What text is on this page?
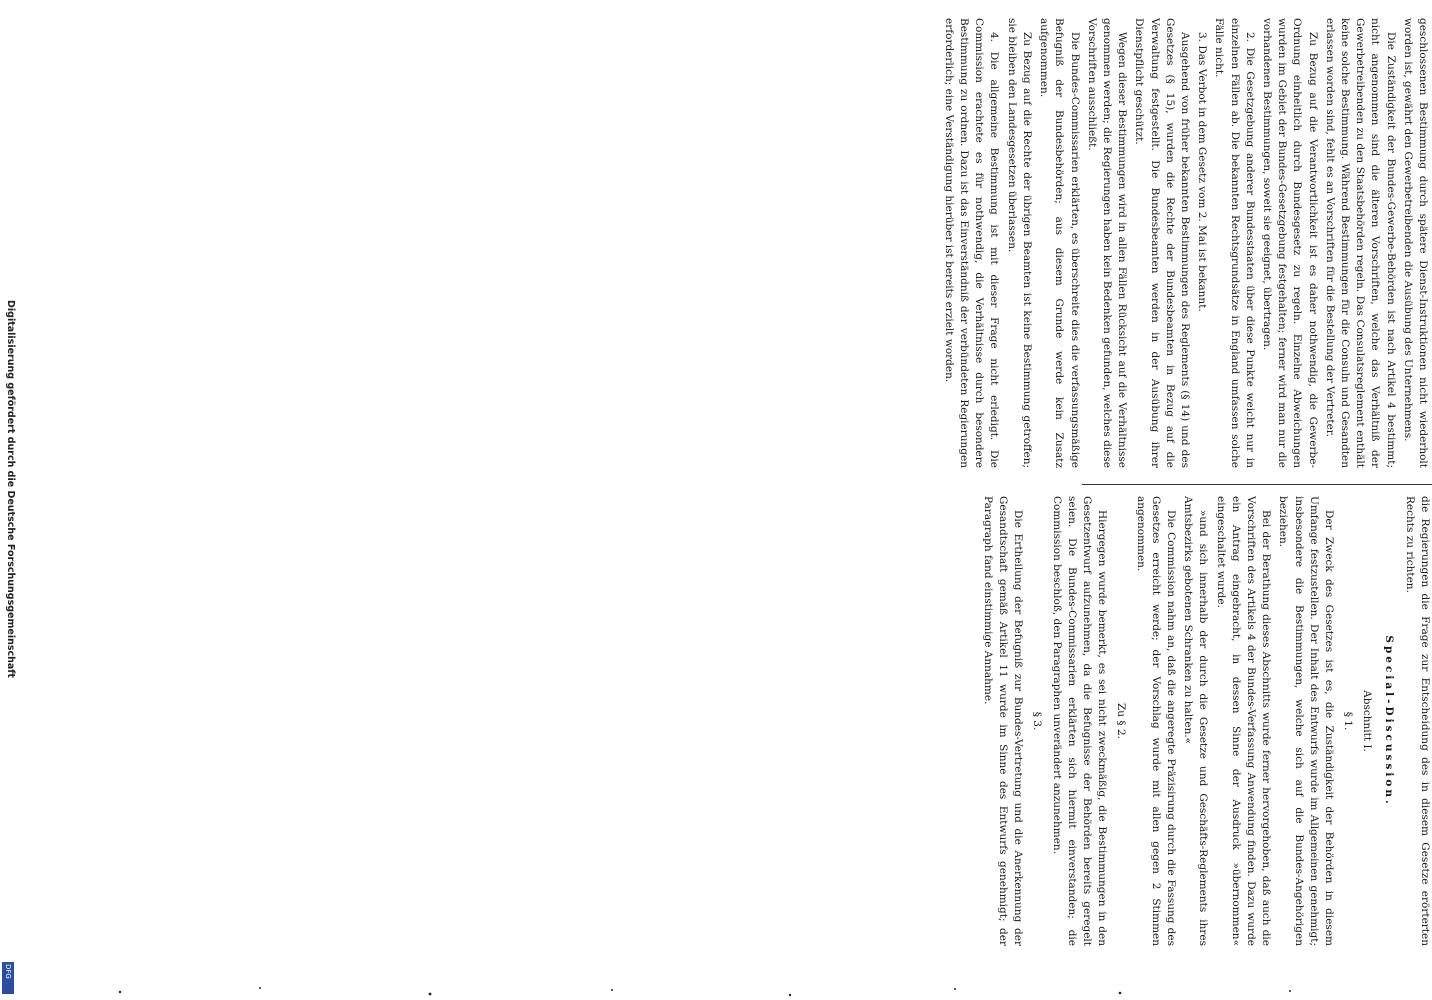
geschlossenen Bestimmung durch spätere Dienst-Instruktionen nicht wiederholt worden ist, gewährt den Gewerbetreibenden die Ausübung des Unternehmens.

Die Zuständigkeit der Bundes-Gewerbe-Behörden ist nach Artikel 4 bestimmt; nicht angenommen sind die älteren Vorschriften, welche das Verhältniß der Gewerbetreibenden zu den Staatsbehörden regeln. Das Consulatsreglement enthält keine solche Bestimmung. Während Bestimmungen für die Consuln und Gesandten erlassen worden sind, fehlt es an Vorschriften für die Bestellung der Vertreter.

Zu Bezug auf die Verantwortlichkeit ist es daher nothwendig, die Gewerbe-Ordnung einheitlich durch Bundesgesetz zu regeln. Einzelne Abweichungen wurden im Gebiet der Bundes-Gesetzgebung festgehalten; ferner wird man nur die vorhandenen Bestimmungen, soweit sie geeignet, übertragen.

2. Die Gesetzgebung anderer Bundesstaaten über diese Punkte weicht nur in einzelnen Fällen ab. Die bekannten Rechtsgrundsätze in England umfassen solche Fälle nicht.

3. Das Verbot in dem Gesetz vom 2. Mai ist bekannt.

Ausgehend von früher bekannten Bestimmungen des Reglements (§ 14) und des Gesetzes (§ 15), wurden die Rechte der Bundesbeamten in Bezug auf die Verwaltung festgestellt. Die Bundesbeamten werden in der Ausübung ihrer Dienstpflicht geschützt.

Wegen dieser Bestimmungen wird in allen Fällen Rücksicht auf die Verhältnisse genommen werden; die Regierungen haben kein Bedenken gefunden, welches diese Vorschriften ausschließt.

Die Bundes-Commissarien erklärten, es überschreite dies die verfassungsmäßige Befugniß der Bundesbehörden; aus diesem Grunde werde kein Zusatz aufgenommen.

Zu Bezug auf die Rechte der übrigen Beamten ist keine Bestimmung getroffen; sie bleiben den Landesgesetzen überlassen.

4. Die allgemeine Bestimmung ist mit dieser Frage nicht erledigt. Die Commission erachtete es für nothwendig, die Verhältnisse durch besondere Bestimmung zu ordnen. Dazu ist das Einverständniß der verbündeten Regierungen erforderlich; eine Verständigung hierüber ist bereits erzielt worden.

die Regierungen die Frage zur Entscheidung des in diesem Gesetze erörterten Rechts zu richten.

Special-Discussion.

Abschnitt I.

§ 1.

Der Zweck des Gesetzes ist es, die Zuständigkeit der Behörden in diesem Umfange festzustellen. Der Inhalt des Entwurfs wurde im Allgemeinen genehmigt; insbesondere die Bestimmungen, welche sich auf die Bundes-Angehörigen beziehen.

Bei der Berathung dieses Abschnitts wurde ferner hervorgehoben, daß auch die Vorschriften des Artikels 4 der Bundes-Verfassung Anwendung finden. Dazu wurde ein Antrag eingebracht, in dessen Sinne der Ausdruck »übernommen« eingeschaltet wurde.

»und sich innerhalb der durch die Gesetze und Geschäfts-Reglements ihres Amtsbezirks gebotenen Schranken zu halten.«

Die Commission nahm an, daß die angeregte Präzisirung durch die Fassung des Gesetzes erreicht werde; der Vorschlag wurde mit allen gegen 2 Stimmen angenommen.

Zu § 2.

Hiergegen wurde bemerkt, es sei nicht zweckmäßig, die Bestimmungen in den Gesetzentwurf aufzunehmen, da die Befugnisse der Behörden bereits geregelt seien. Die Bundes-Commissarien erklärten sich hiermit einverstanden; die Commission beschloß, den Paragraphen unverändert anzunehmen.

§ 3.

Die Ertheilung der Befugniß zur Bundes-Vertretung und die Anerkennung der Gesandtschaft gemäß Artikel 11 wurde im Sinne des Entwurfs genehmigt; der Paragraph fand einstimmige Annahme.

Digitalisierung gefördert durch die Deutsche Forschungsgemeinschaft
DFG
